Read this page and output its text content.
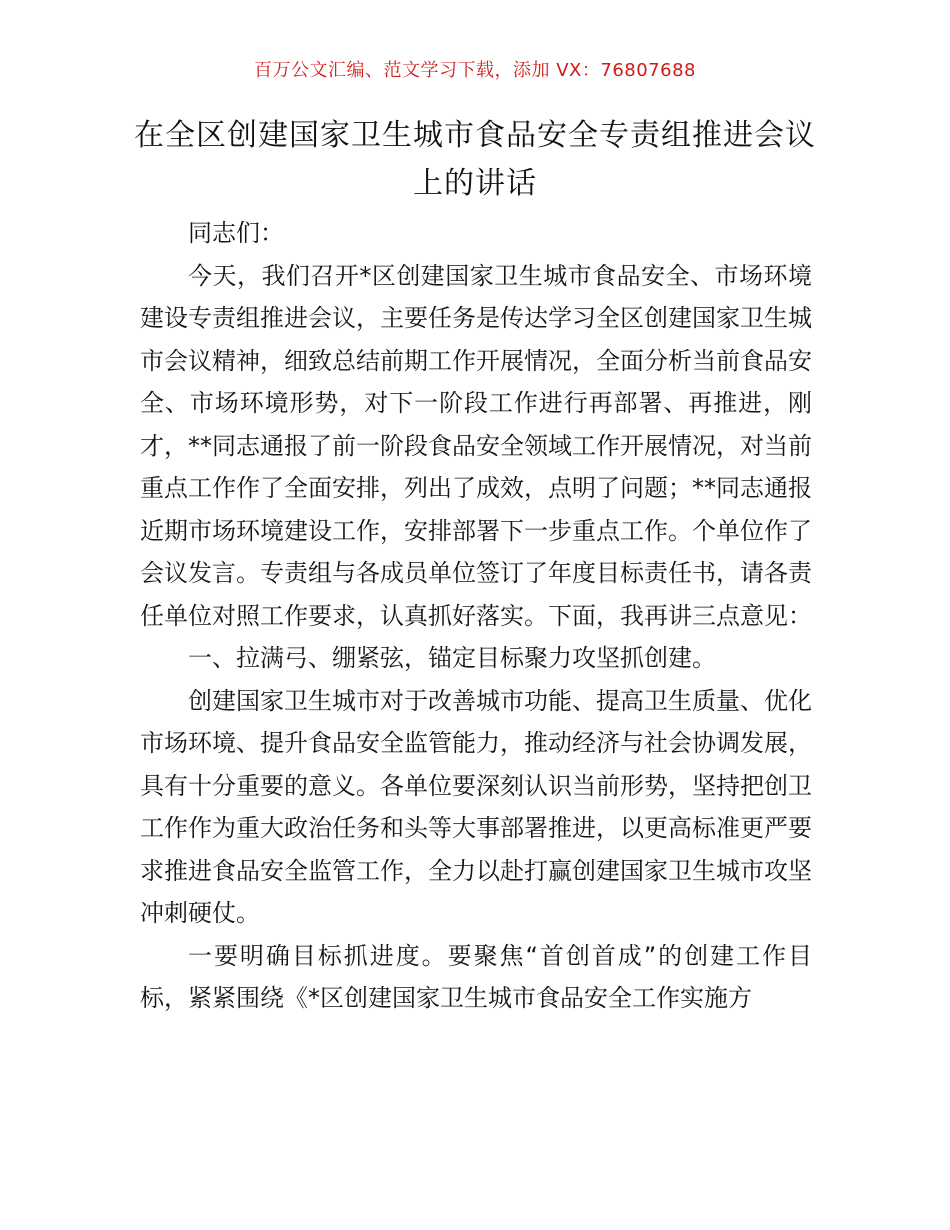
百万公文汇编、范文学习下载，添加 VX：76807688
在全区创建国家卫生城市食品安全专责组推进会议上的讲话

同志们：

今天，我们召开*区创建国家卫生城市食品安全、市场环境建设专责组推进会议，主要任务是传达学习全区创建国家卫生城市会议精神，细致总结前期工作开展情况，全面分析当前食品安全、市场环境形势，对下一阶段工作进行再部署、再推进，刚才，**同志通报了前一阶段食品安全领域工作开展情况，对当前重点工作作了全面安排，列出了成效，点明了问题；**同志通报近期市场环境建设工作，安排部署下一步重点工作。个单位作了会议发言。专责组与各成员单位签订了年度目标责任书，请各责任单位对照工作要求，认真抓好落实。下面，我再讲三点意见：

一、拉满弓、绷紧弦，锚定目标聚力攻坚抓创建。

创建国家卫生城市对于改善城市功能、提高卫生质量、优化市场环境、提升食品安全监管能力，推动经济与社会协调发展，具有十分重要的意义。各单位要深刻认识当前形势，坚持把创卫工作作为重大政治任务和头等大事部署推进，以更高标准更严要求推进食品安全监管工作，全力以赴打赢创建国家卫生城市攻坚冲刺硬仗。

一要明确目标抓进度。要聚焦“首创首成”的创建工作目标，紧紧围绕《*区创建国家卫生城市食品安全工作实施方
